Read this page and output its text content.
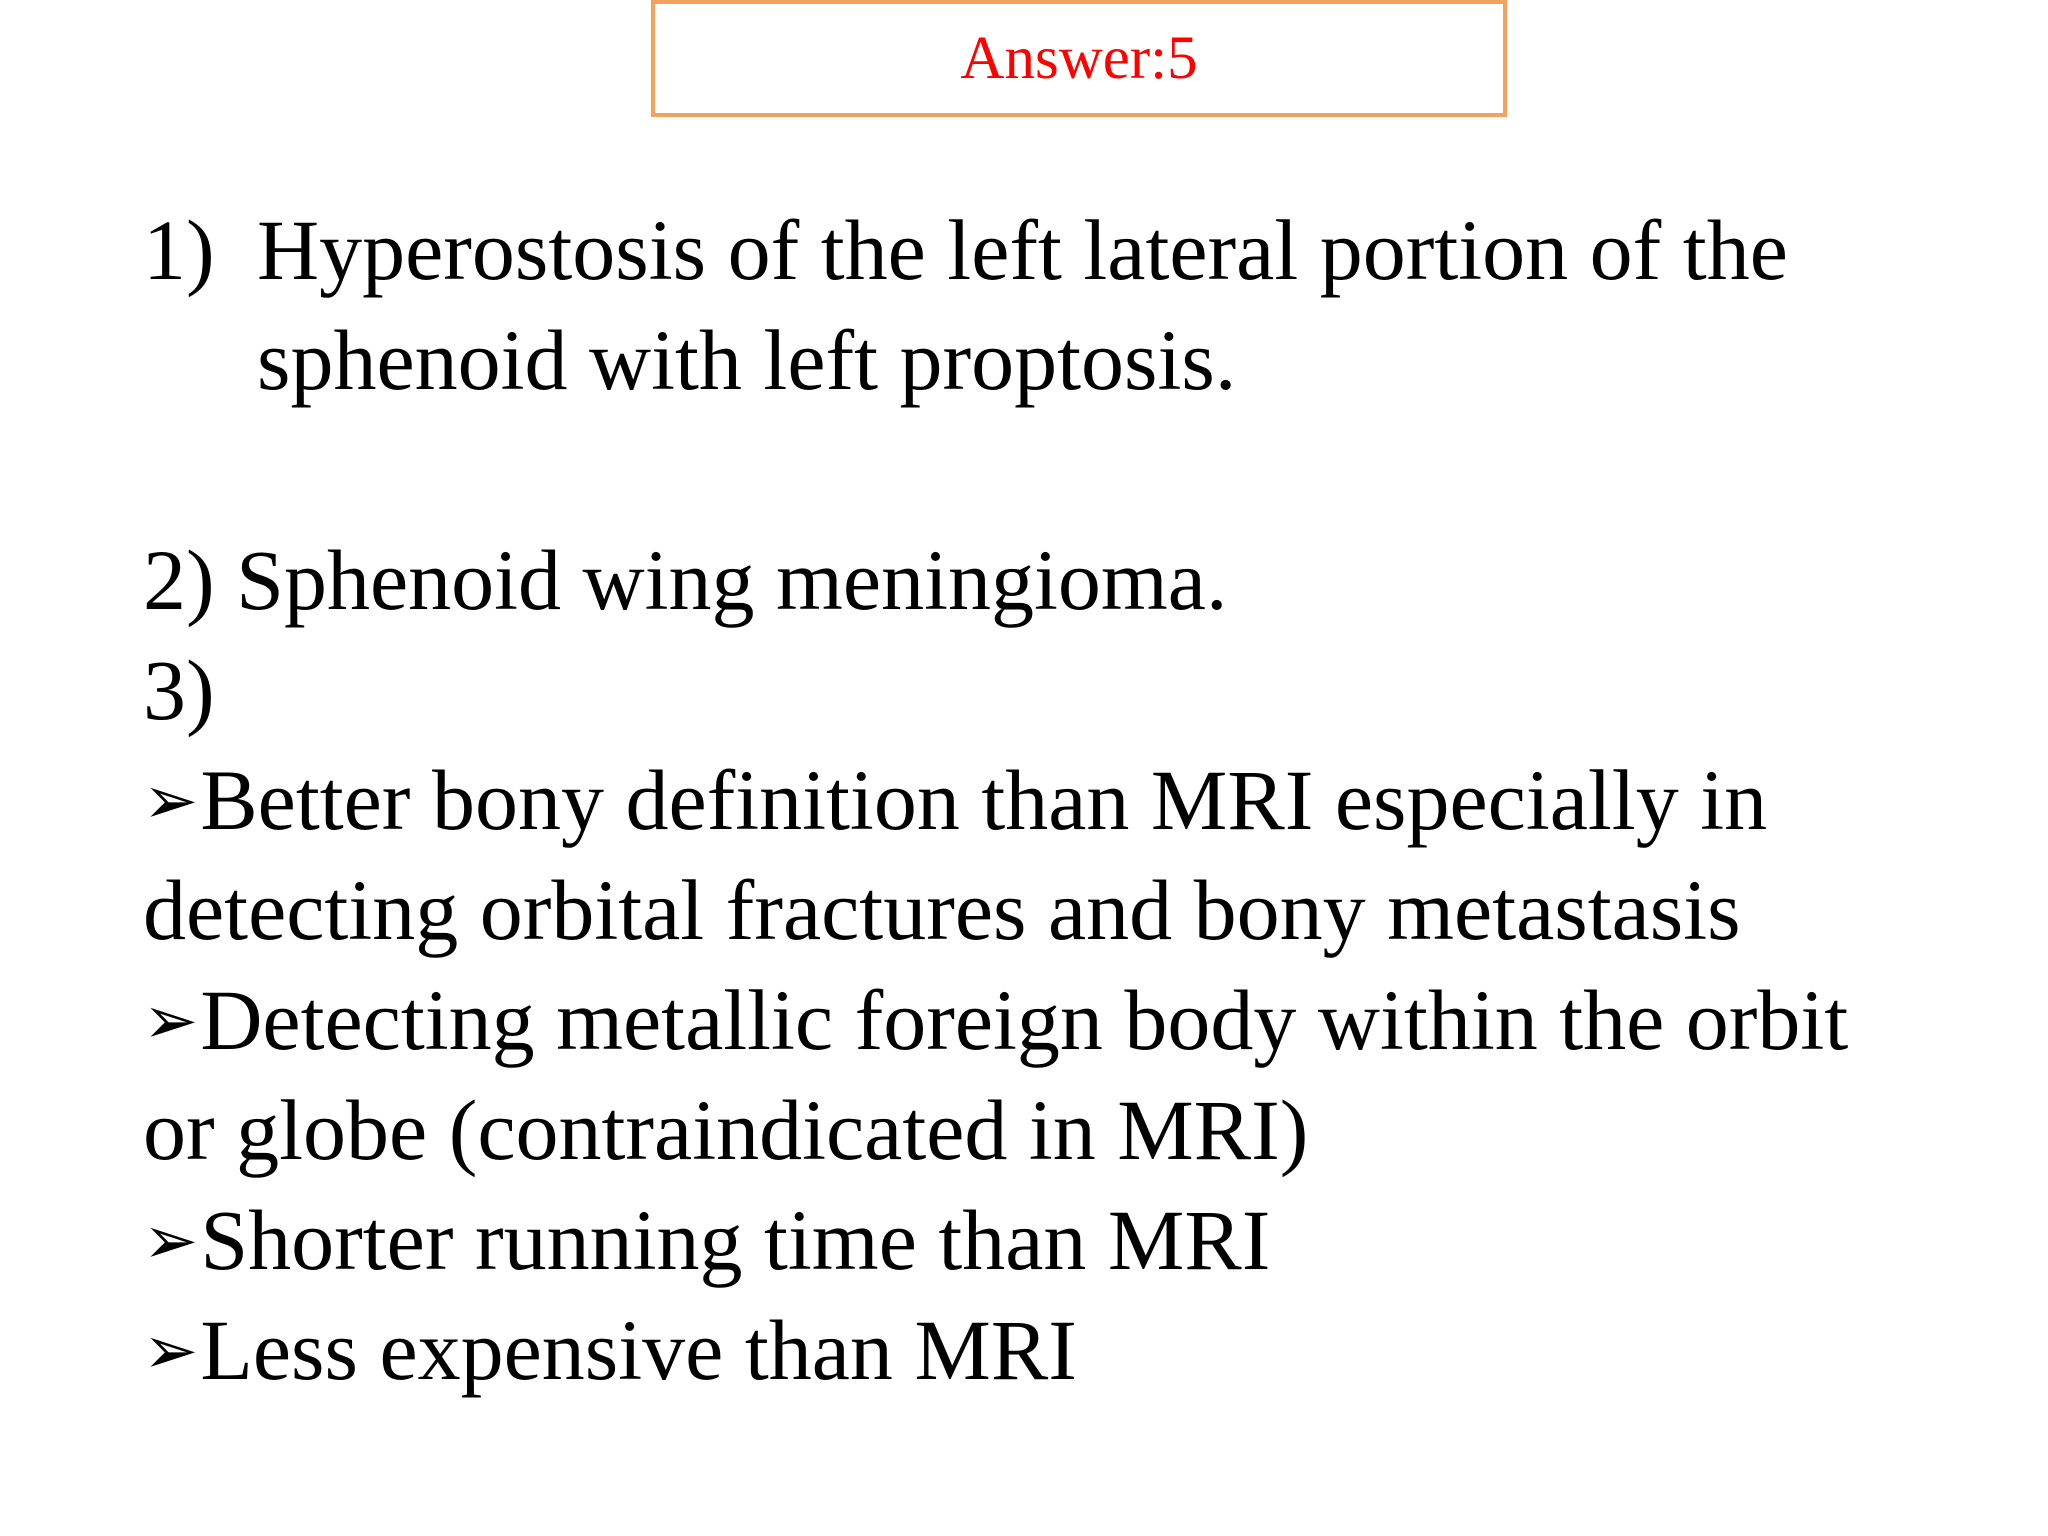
Answer:5
1) Hyperostosis of the left lateral portion of the
sphenoid with left proptosis.
2) Sphenoid wing meningioma.
3)
➢Better bony definition than MRI especially in
detecting orbital fractures and bony metastasis
➢Detecting metallic foreign body within the orbit
or globe (contraindicated in MRI)
➢Shorter running time than MRI
➢Less expensive than MRI
